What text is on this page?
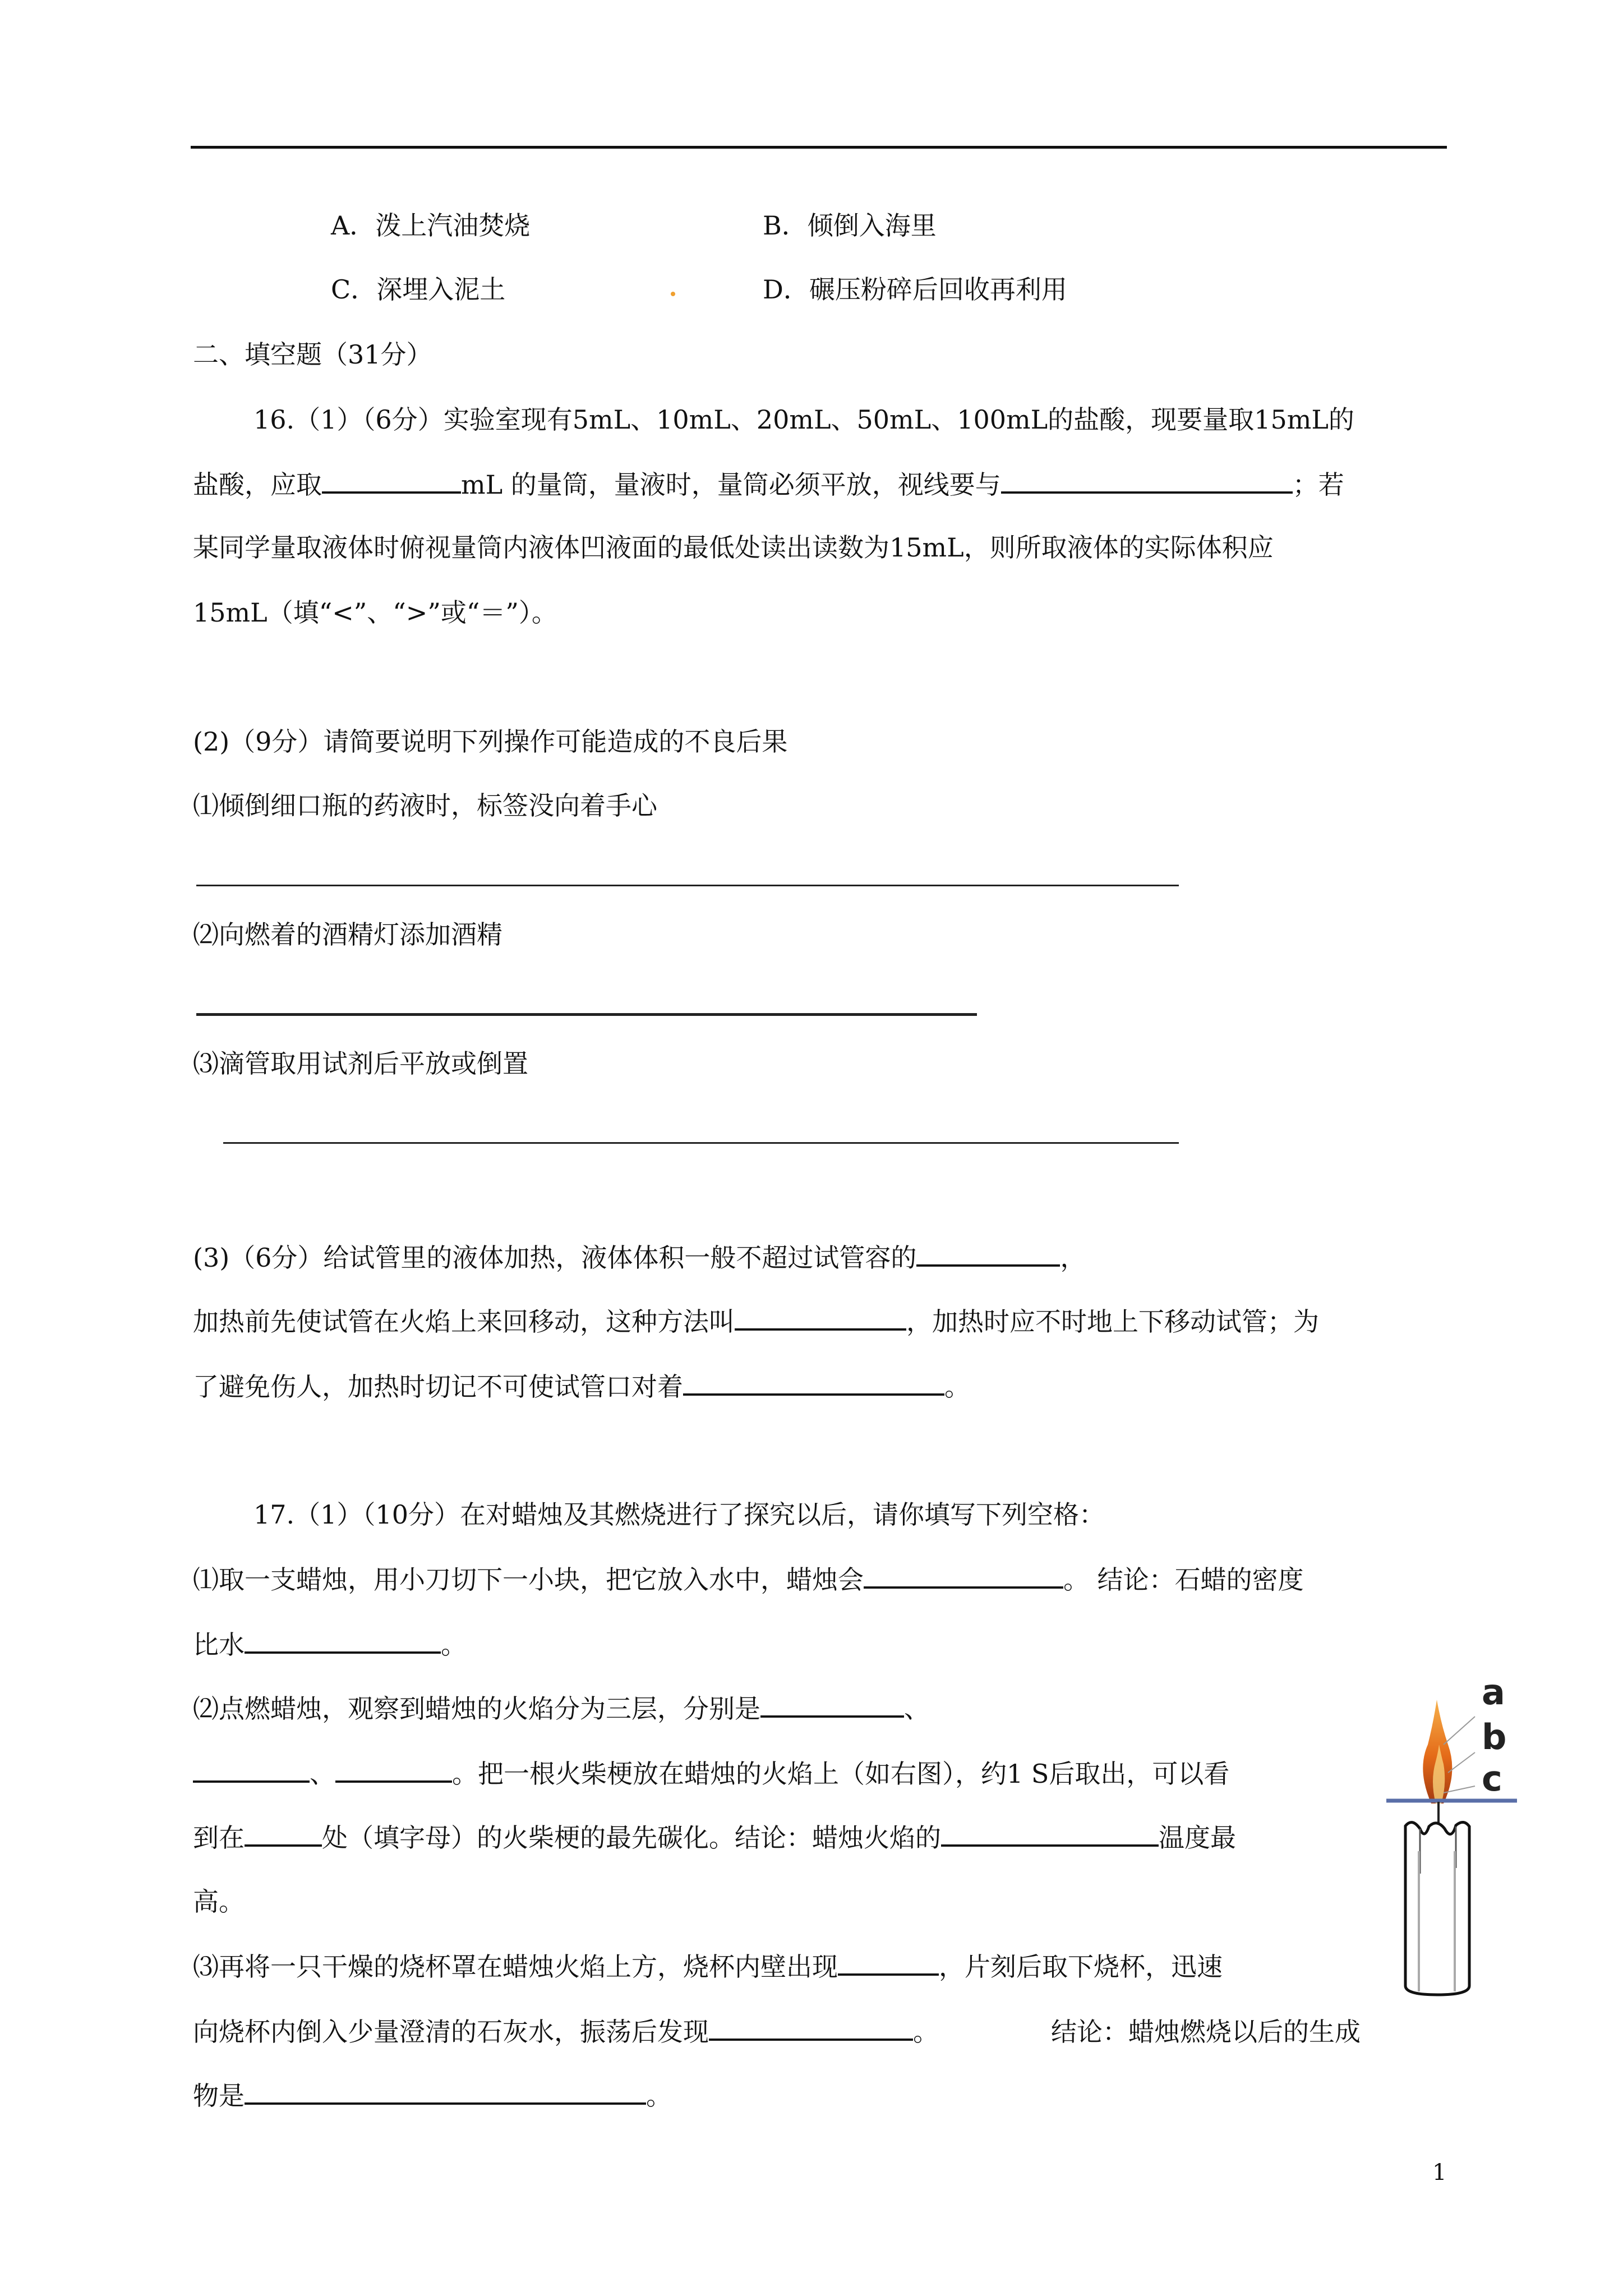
A．泼上汽油焚烧	B．倾倒入海里
C．深埋入泥土	D．碾压粉碎后回收再利用
二、填空题（31分）
16.（1）（6分）实验室现有5mL、10mL、20mL、50mL、100mL的盐酸，现要量取15mL的
盐酸，应取	mL 的量筒，量液时，量筒必须平放，视线要与	；若
某同学量取液体时俯视量筒内液体凹液面的最低处读出读数为15mL，则所取液体的实际体积应
15mL（填“<”、“>”或“＝”）。
(2)（9分）请简要说明下列操作可能造成的不良后果
⑴倾倒细口瓶的药液时，标签没向着手心
⑵向燃着的酒精灯添加酒精
⑶滴管取用试剂后平放或倒置
(3)（6分）给试管里的液体加热，液体体积一般不超过试管容的	，
加热前先使试管在火焰上来回移动，这种方法叫	，加热时应不时地上下移动试管；为
了避免伤人，加热时切记不可使试管口对着	。
17.（1）（10分）在对蜡烛及其燃烧进行了探究以后，请你填写下列空格：
⑴取一支蜡烛，用小刀切下一小块，把它放入水中，蜡烛会	。 结论：石蜡的密度
比水	。
⑵点燃蜡烛，观察到蜡烛的火焰分为三层，分别是	、
、	。把一根火柴梗放在蜡烛的火焰上（如右图），约1 S后取出，可以看
到在	处（填字母）的火柴梗的最先碳化。结论：蜡烛火焰的	温度最
高。
⑶再将一只干燥的烧杯罩在蜡烛火焰上方，烧杯内壁出现	，片刻后取下烧杯，迅速
向烧杯内倒入少量澄清的石灰水，振荡后发现	。	结论：蜡烛燃烧以后的生成
物是	。
a
b
c
1
